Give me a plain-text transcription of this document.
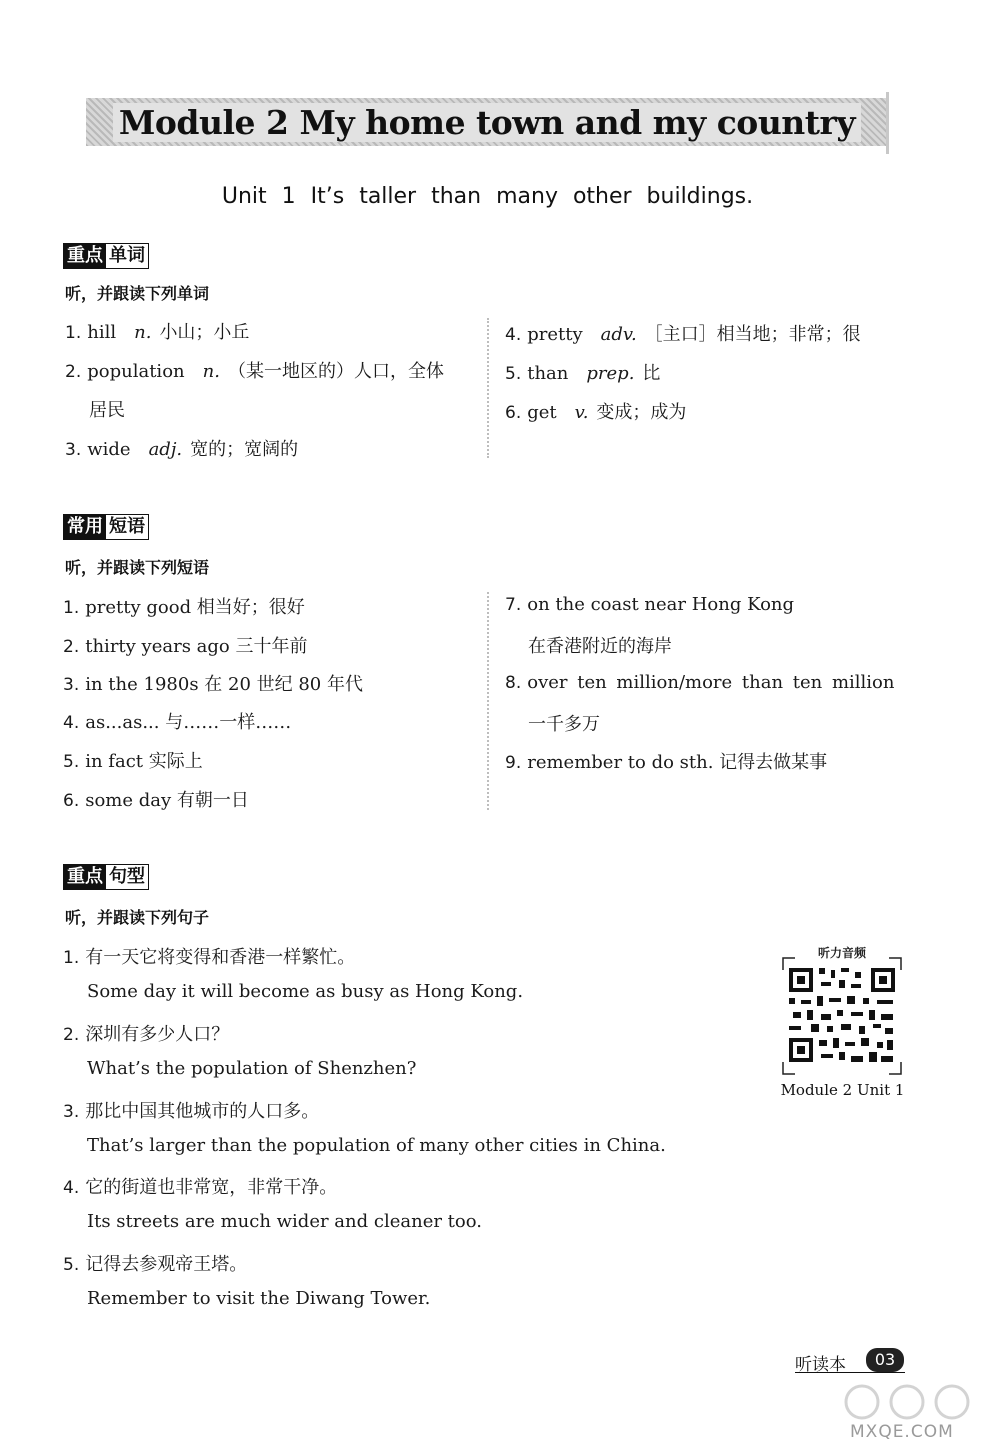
Module 2 My home town and my country
Unit 1 It’s taller than many other buildings.
重点 单词
听，并跟读下列单词
1. hill n. 小山；小丘
2. population n. （某一地区的）人口，全体
居民
3. wide adj. 宽的；宽阔的
4. pretty adv. ［主口］相当地；非常；很
5. than prep. 比
6. get v. 变成；成为
常用 短语
听，并跟读下列短语
1. pretty good 相当好；很好
2. thirty years ago 三十年前
3. in the 1980s 在 20 世纪 80 年代
4. as...as... 与……一样……
5. in fact 实际上
6. some day 有朝一日
7. on the coast near Hong Kong
在香港附近的海岸
8. over ten million/more than ten million
一千多万
9. remember to do sth. 记得去做某事
重点 句型
听，并跟读下列句子
1. 有一天它将变得和香港一样繁忙。
Some day it will become as busy as Hong Kong.
2. 深圳有多少人口？
What’s the population of Shenzhen?
3. 那比中国其他城市的人口多。
That’s larger than the population of many other cities in China.
4. 它的街道也非常宽，非常干净。
Its streets are much wider and cleaner too.
5. 记得去参观帝王塔。
Remember to visit the Diwang Tower.
听力音频
Module 2 Unit 1
听读本	03
MXQE.COM
